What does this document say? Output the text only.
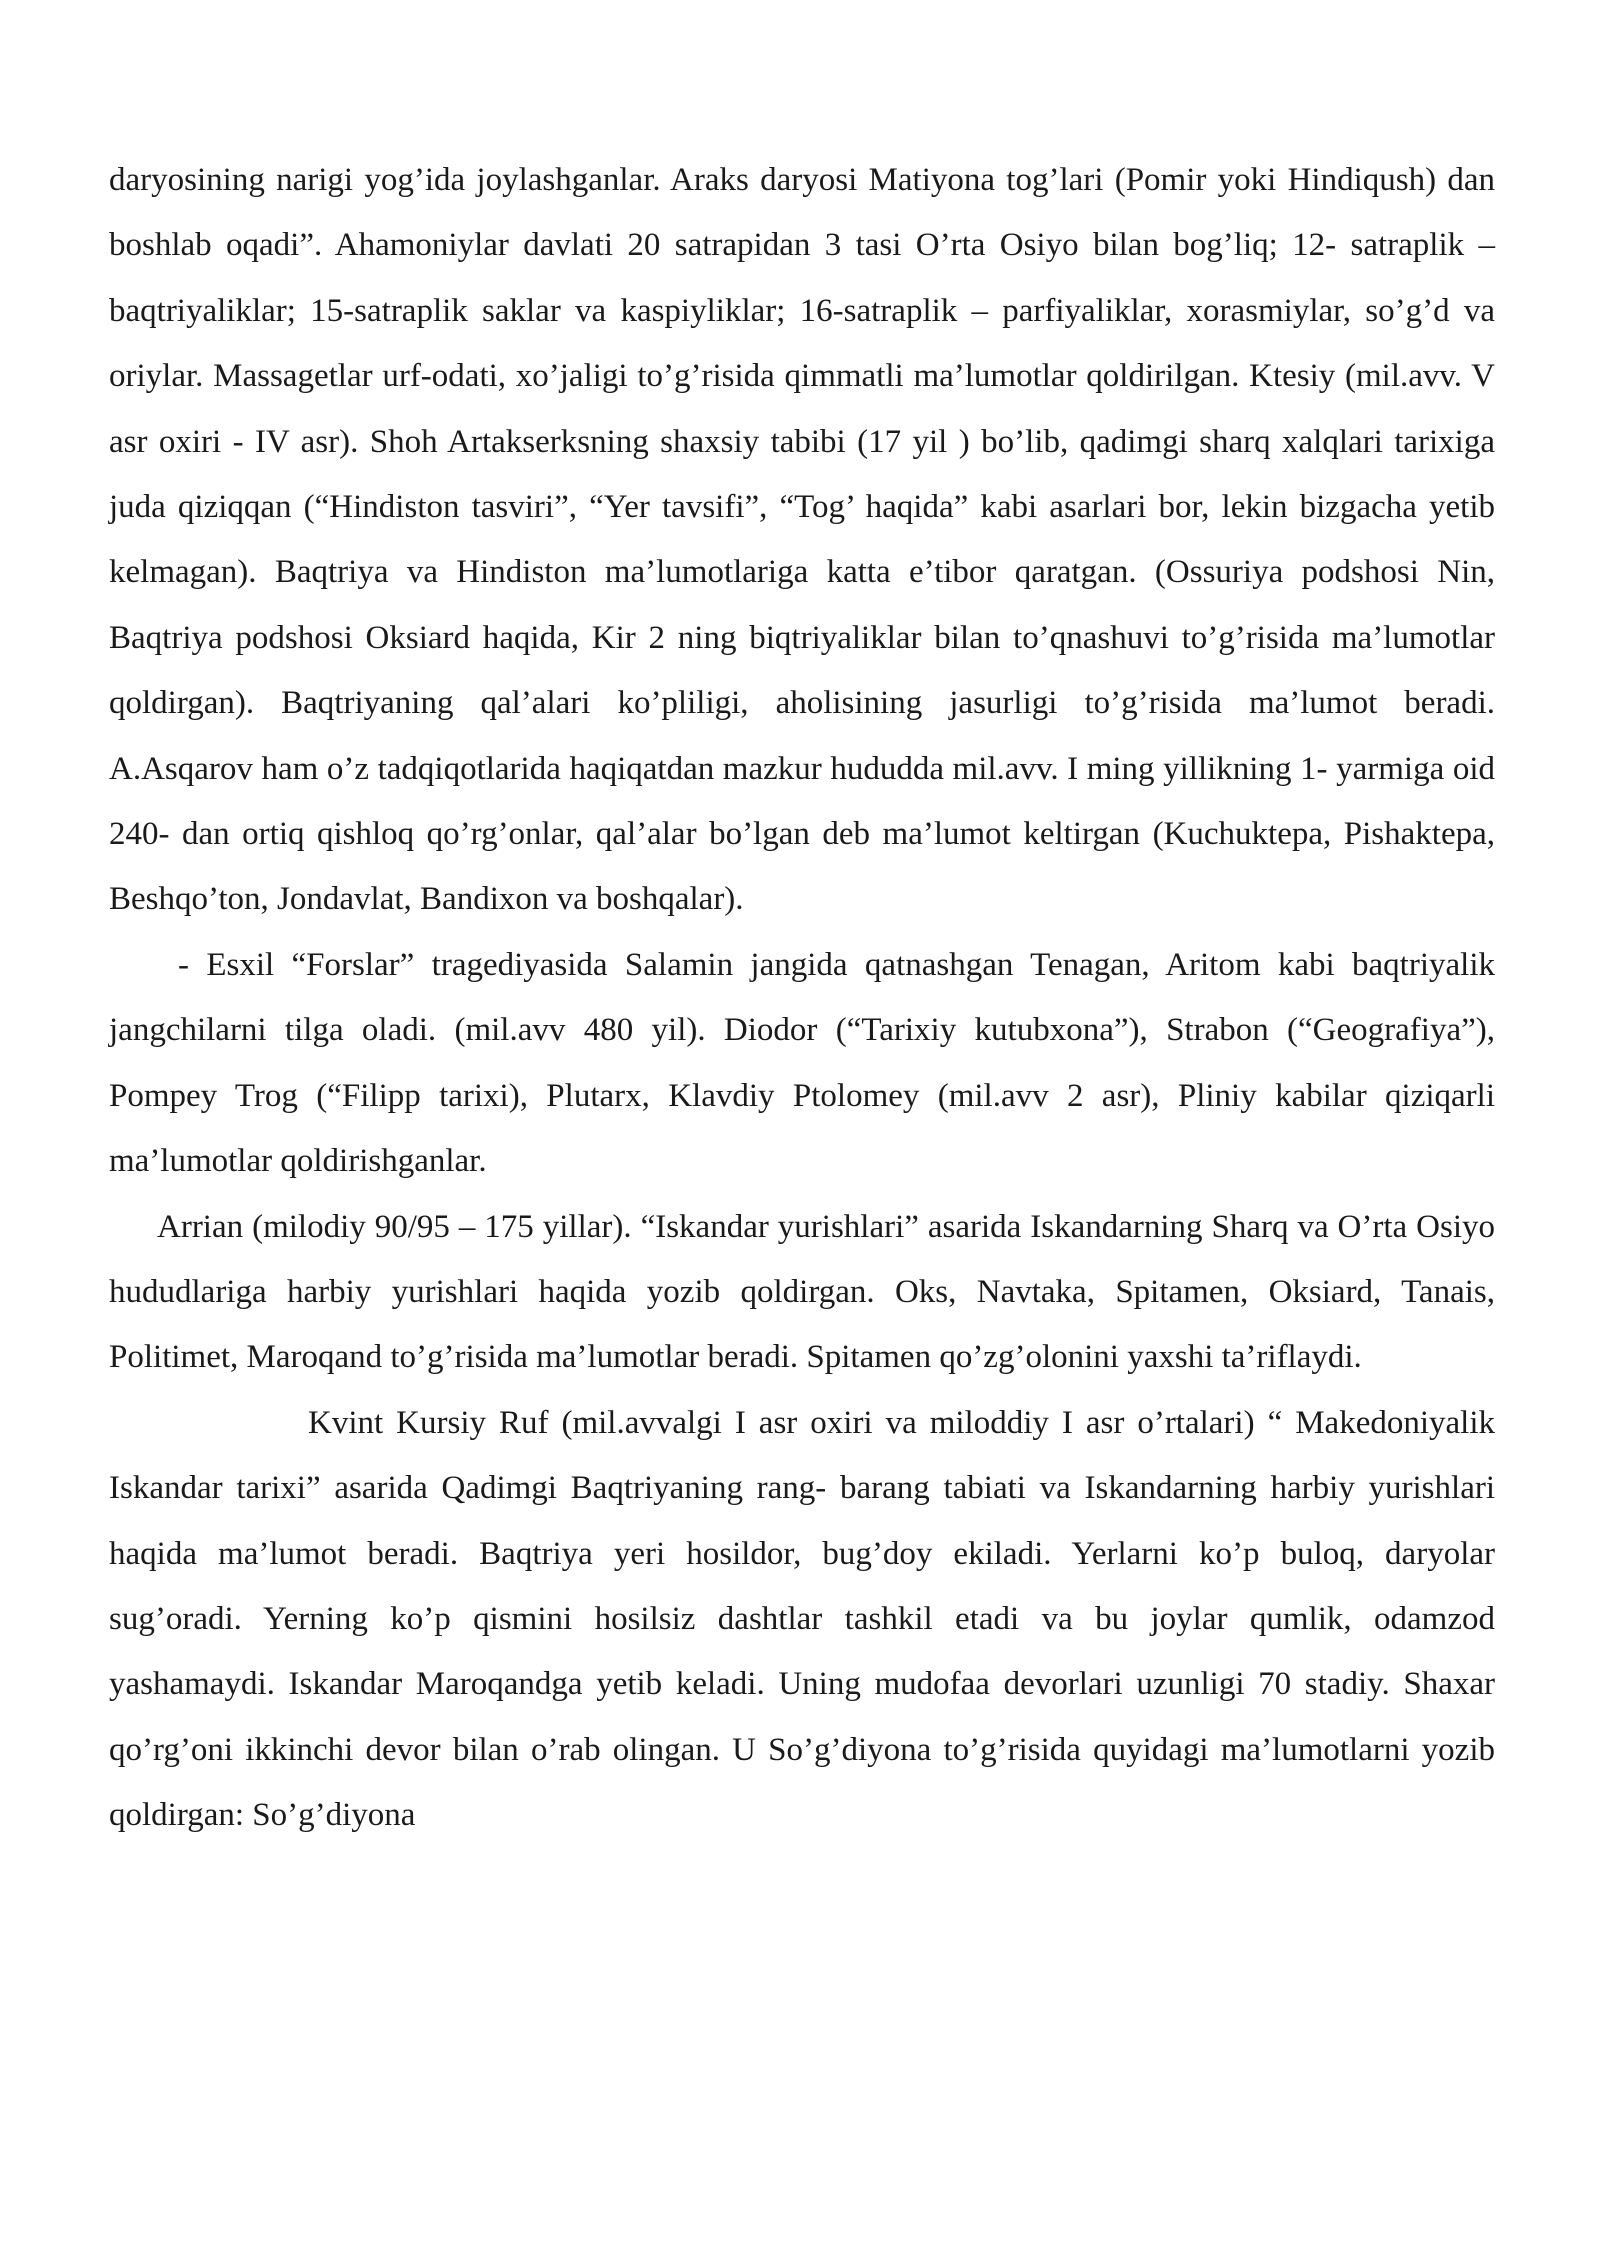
daryosining narigi yog’ida joylashganlar. Araks daryosi Matiyona tog’lari (Pomir yoki Hindiqush) dan boshlab oqadi”. Ahamoniylar davlati 20 satrapidan 3 tasi O’rta Osiyo bilan bog’liq; 12- satraplik – baqtriyaliklar; 15-satraplik saklar va kaspiyliklar; 16-satraplik – parfiyaliklar, xorasmiylar, so’g’d va oriylar. Massagetlar urf-odati, xo’jaligi to’g’risida qimmatli ma’lumotlar qoldirilgan. Ktesiy (mil.avv. V asr oxiri - IV asr). Shoh Artakserksning shaxsiy tabibi (17 yil ) bo’lib, qadimgi sharq xalqlari tarixiga juda qiziqqan (“Hindiston tasviri”, “Yer tavsifi”, “Tog’ haqida” kabi asarlari bor, lekin bizgacha yetib kelmagan). Baqtriya va Hindiston ma’lumotlariga katta e’tibor qaratgan. (Ossuriya podshosi Nin, Baqtriya podshosi Oksiard haqida, Kir 2 ning biqtriyaliklar bilan to’qnashuvi to’g’risida ma’lumotlar qoldirgan). Baqtriyaning qal’alari ko’pliligi, aholisining jasurligi to’g’risida ma’lumot beradi. A.Asqarov ham o’z tadqiqotlarida haqiqatdan mazkur hududda mil.avv. I ming yillikning 1- yarmiga oid 240- dan ortiq qishloq qo’rg’onlar, qal’alar bo’lgan deb ma’lumot keltirgan (Kuchuktepa, Pishaktepa, Beshqo’ton, Jondavlat, Bandixon va boshqalar).

- Esxil “Forslar” tragediyasida Salamin jangida qatnashgan Tenagan, Aritom kabi baqtriyalik jangchilarni tilga oladi. (mil.avv 480 yil). Diodor (“Tarixiy kutubxona”), Strabon (“Geografiya”), Pompey Trog (“Filipp tarixi), Plutarx, Klavdiy Ptolomey (mil.avv 2 asr), Pliniy kabilar qiziqarli ma’lumotlar qoldirishganlar.

Arrian (milodiy 90/95 – 175 yillar). “Iskandar yurishlari” asarida Iskandarning Sharq va O’rta Osiyo hududlariga harbiy yurishlari haqida yozib qoldirgan. Oks, Navtaka, Spitamen, Oksiard, Tanais, Politimet, Maroqand to’g’risida ma’lumotlar beradi. Spitamen qo’zg’olonini yaxshi ta’riflaydi.

Kvint Kursiy Ruf (mil.avvalgi I asr oxiri va miloddiy I asr o’rtalari) “ Makedoniyalik Iskandar tarixi” asarida Qadimgi Baqtriyaning rang- barang tabiati va Iskandarning harbiy yurishlari haqida ma’lumot beradi. Baqtriya yeri hosildor, bug’doy ekiladi. Yerlarni ko’p buloq, daryolar sug’oradi. Yerning ko’p qismini hosilsiz dashtlar tashkil etadi va bu joylar qumlik, odamzod yashamaydi. Iskandar Maroqandga yetib keladi. Uning mudofaa devorlari uzunligi 70 stadiy. Shaxar qo’rg’oni ikkinchi devor bilan o’rab olingan. U So’g’diyona to’g’risida quyidagi ma’lumotlarni yozib qoldirgan: So’g’diyona
